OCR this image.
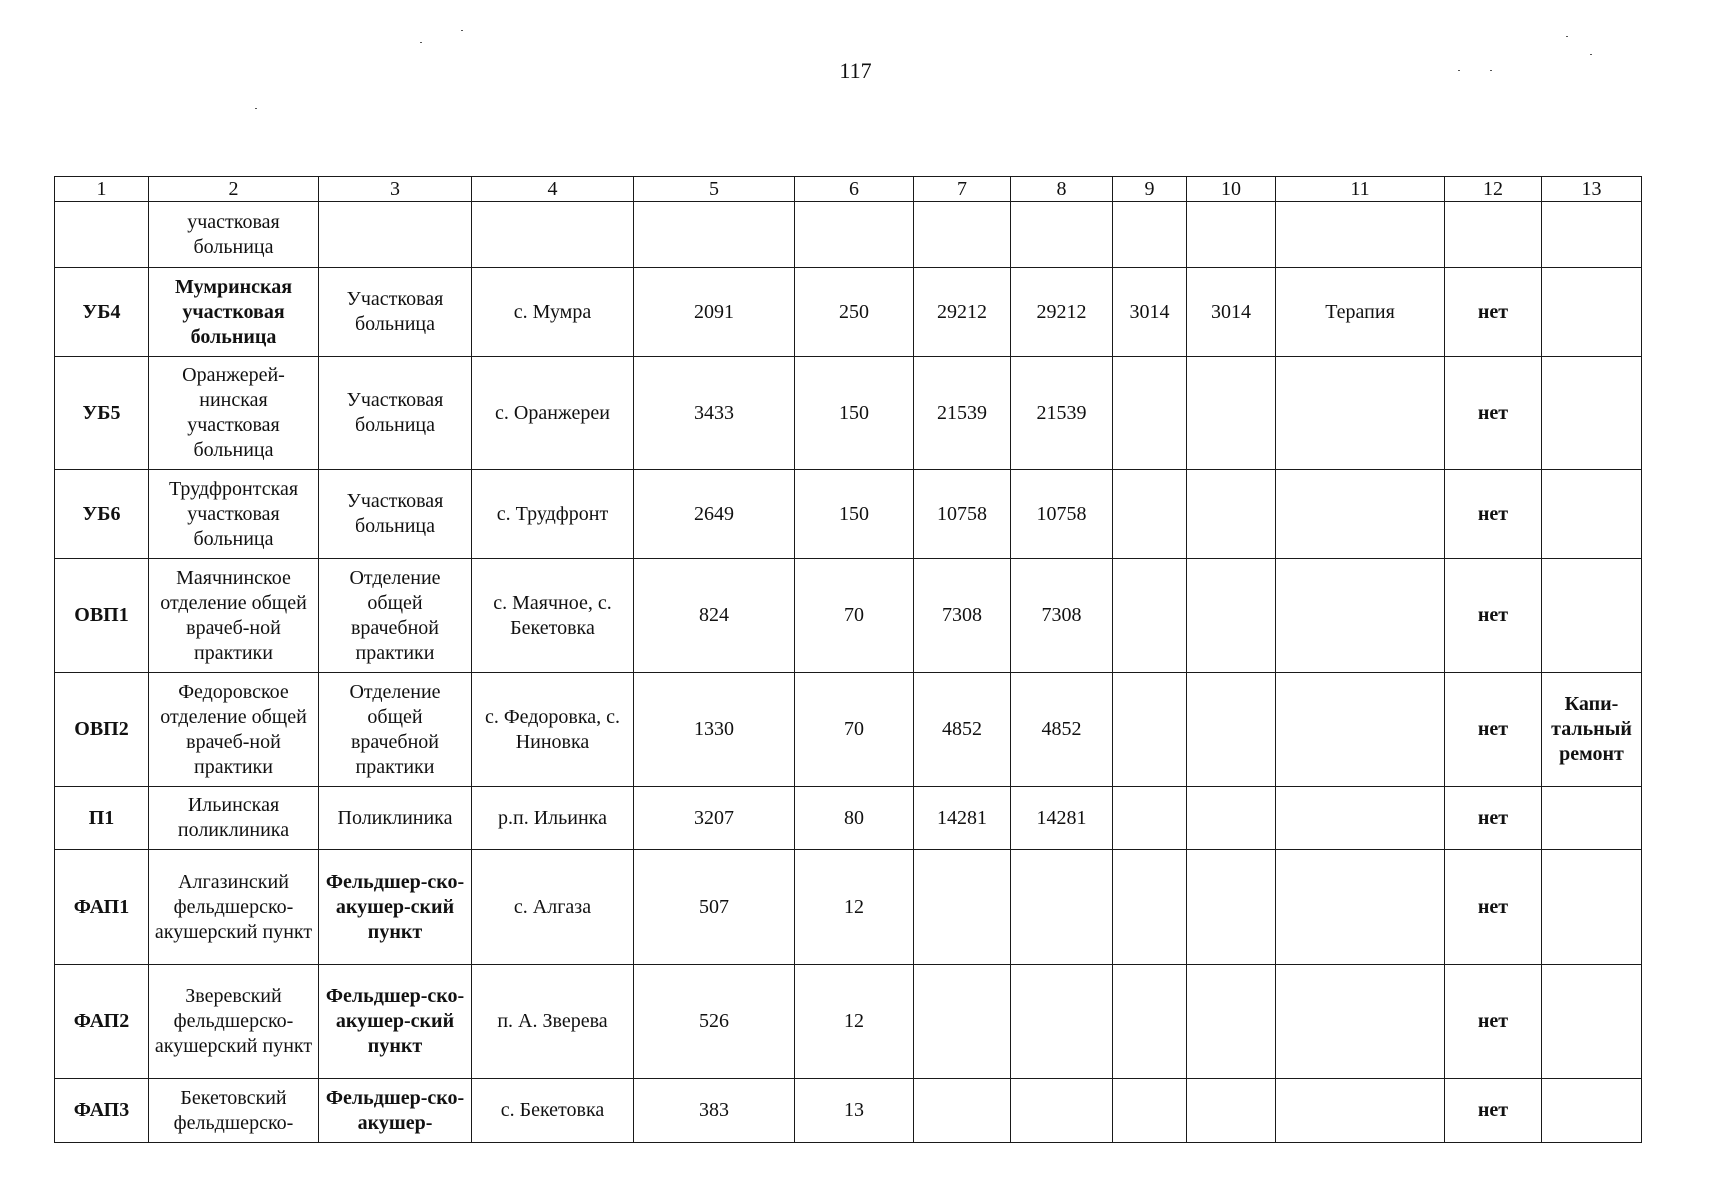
117
1	2	3	4	5	6	7	8	9	10	11	12	13
	участковая больница											
УБ4	Мумринская участковая больница	Участковая больница	с. Мумра	2091	250	29212	29212	3014	3014	Терапия	нет	
УБ5	Оранжерей-нинская участковая больница	Участковая больница	с. Оранжереи	3433	150	21539	21539				нет	
УБ6	Трудфронтская участковая больница	Участковая больница	с. Трудфронт	2649	150	10758	10758				нет	
ОВП1	Маячнинское отделение общей врачеб-ной практики	Отделение общей врачебной практики	с. Маячное, с. Бекетовка	824	70	7308	7308				нет	
ОВП2	Федоровское отделение общей врачеб-ной практики	Отделение общей врачебной практики	с. Федоровка, с. Ниновка	1330	70	4852	4852				нет	Капи-тальный ремонт
П1	Ильинская поликлиника	Поликлиника	р.п. Ильинка	3207	80	14281	14281				нет	
ФАП1	Алгазинский фельдшерско-акушерский пункт	Фельдшер-ско-акушер-ский пункт	с. Алгаза	507	12						нет	
ФАП2	Зверевский фельдшерско-акушерский пункт	Фельдшер-ско-акушер-ский пункт	п. А. Зверева	526	12						нет	
ФАП3	Бекетовский фельдшерско-	Фельдшер-ско-акушер-	с. Бекетовка	383	13						нет	
